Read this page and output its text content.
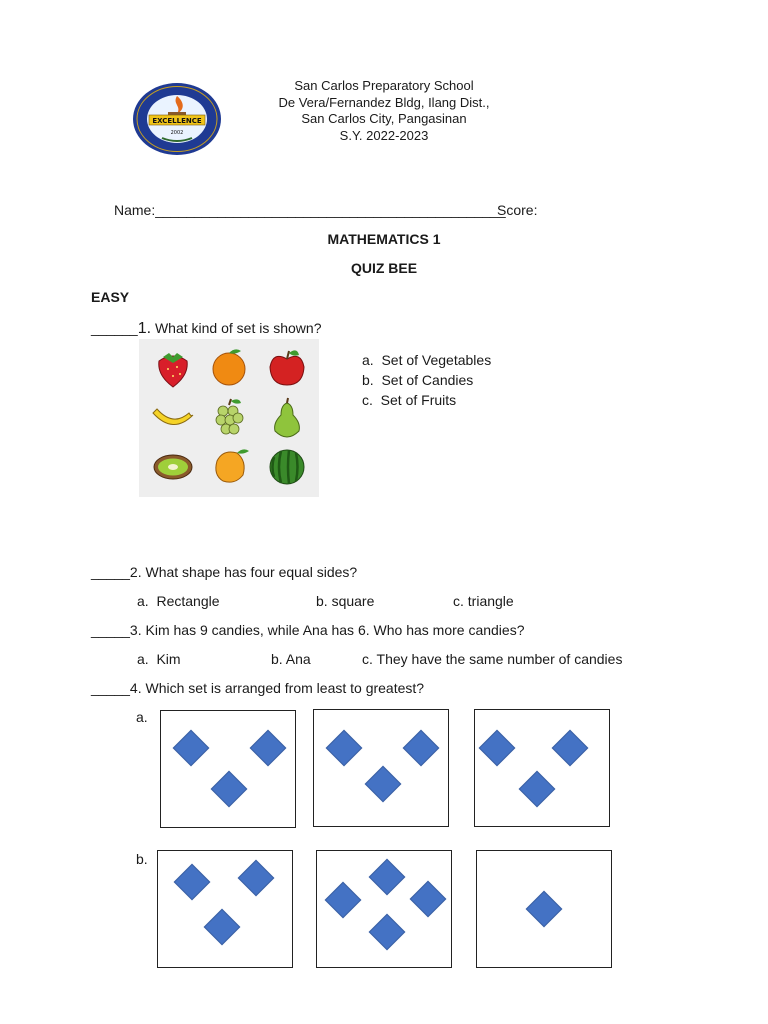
EXCELLENCE
2002
San Carlos Preparatory School
De Vera/Fernandez Bldg, Ilang Dist.,
San Carlos City, Pangasinan
S.Y. 2022-2023
Name:_____________________________________________
Score:
MATHEMATICS 1
QUIZ BEE
EASY
______1. What kind of set is shown?
a.  Set of Vegetables
b.  Set of Candies
c.  Set of Fruits
_____2. What shape has four equal sides?
a.  Rectangle	b. square	c. triangle
_____3. Kim has 9 candies, while Ana has 6. Who has more candies?
a.  Kim	b. Ana	c. They have the same number of candies
_____4. Which set is arranged from least to greatest?
a.
b.
